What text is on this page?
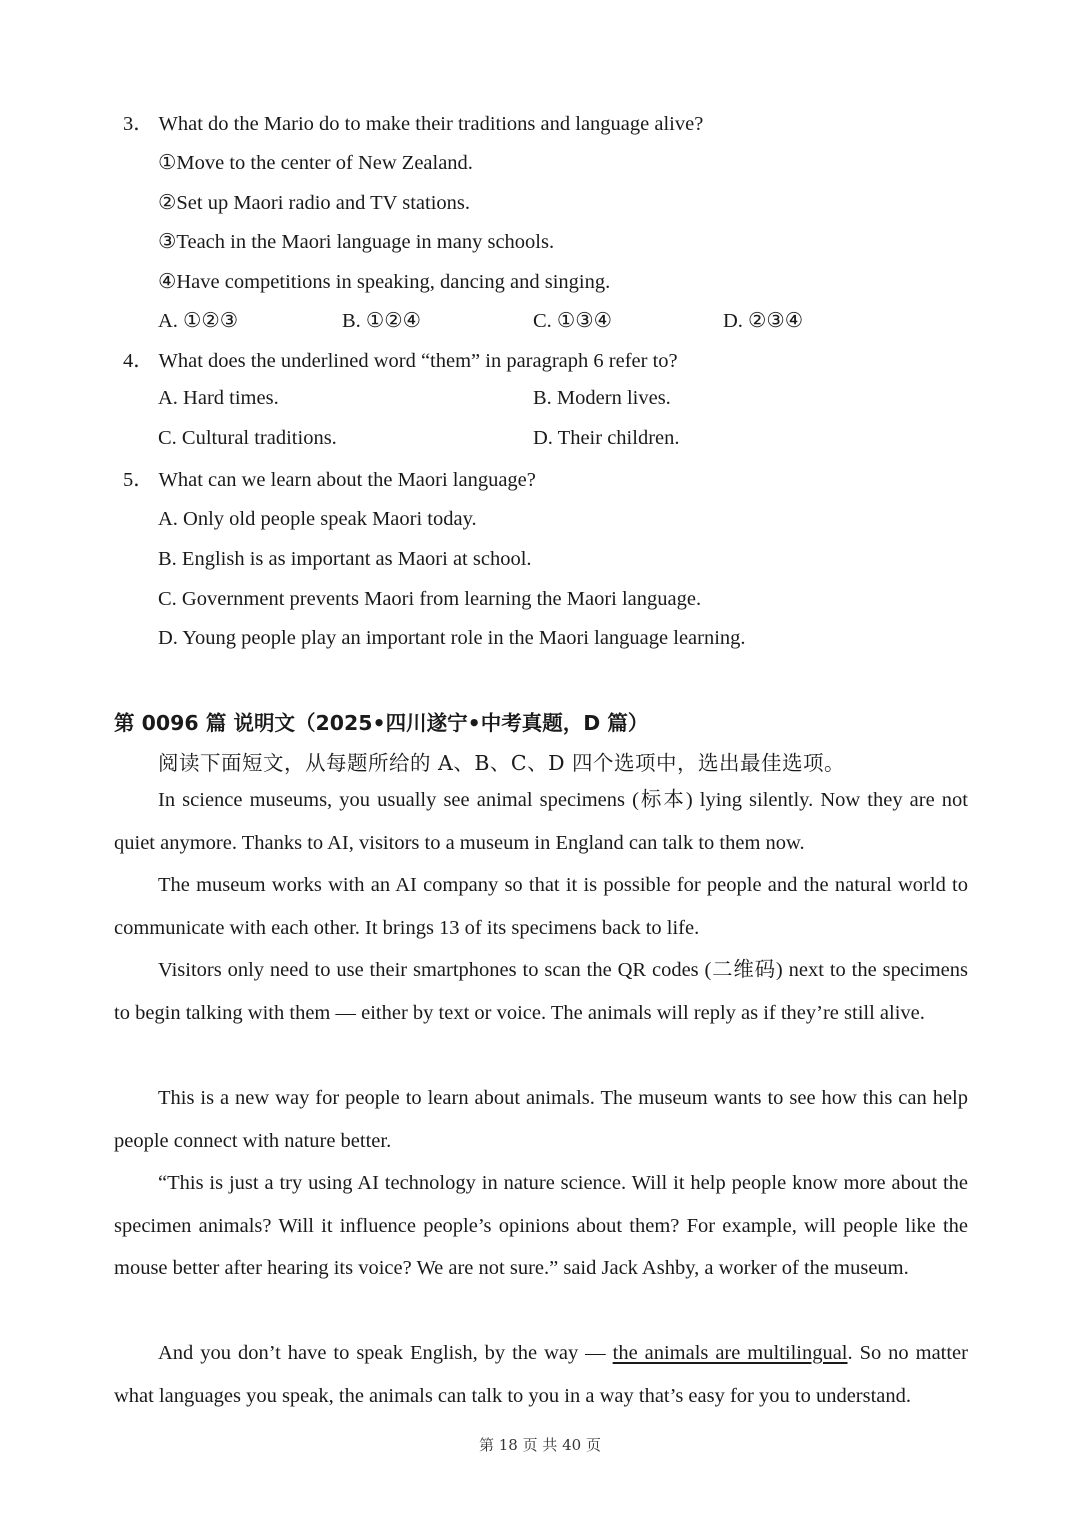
3． What do the Mario do to make their traditions and language alive?
①Move to the center of New Zealand.
②Set up Maori radio and TV stations.
③Teach in the Maori language in many schools.
④Have competitions in speaking, dancing and singing.
A. ①②③	B. ①②④	C. ①③④	D. ②③④
4． What does the underlined word “them” in paragraph 6 refer to?
A. Hard times.	B. Modern lives.
C. Cultural traditions.	D. Their children.
5． What can we learn about the Maori language?
A. Only old people speak Maori today.
B. English is as important as Maori at school.
C. Government prevents Maori from learning the Maori language.
D. Young people play an important role in the Maori language learning.
第 0096 篇 说明文（2025•四川遂宁•中考真题，D 篇）
阅读下面短文，从每题所给的 A、B、C、D 四个选项中，选出最佳选项。
In science museums, you usually see animal specimens (标本) lying silently. Now they are not quiet anymore. Thanks to AI, visitors to a museum in England can talk to them now.
The museum works with an AI company so that it is possible for people and the natural world to communicate with each other. It brings 13 of its specimens back to life.
Visitors only need to use their smartphones to scan the QR codes (二维码) next to the specimens to begin talking with them — either by text or voice. The animals will reply as if they’re still alive.
This is a new way for people to learn about animals. The museum wants to see how this can help people connect with nature better.
“This is just a try using AI technology in nature science. Will it help people know more about the specimen animals? Will it influence people’s opinions about them? For example, will people like the mouse better after hearing its voice? We are not sure.” said Jack Ashby, a worker of the museum.
And you don’t have to speak English, by the way — the animals are multilingual. So no matter what languages you speak, the animals can talk to you in a way that’s easy for you to understand.
第 18 页 共 40 页
